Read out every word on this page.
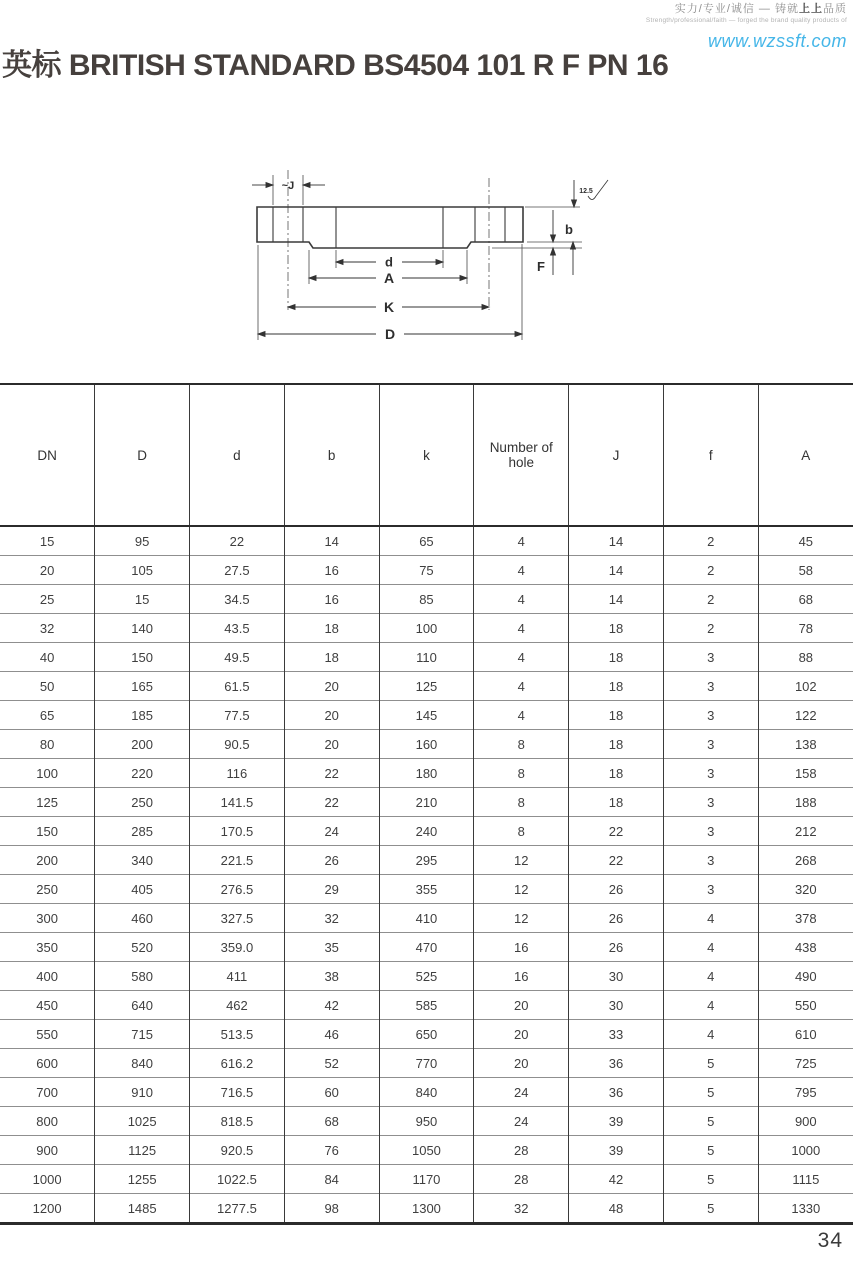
实力/专业/诚信 — 铸就上上品质
Strength/professional/faith — forged the brand quality products of
www.wzssft.com
英标 BRITISH STANDARD BS4504 101 R F PN 16
~J	12.5
b
F
d
A
K
D
DN	D	d	b	k	Number of hole	J	f	A
15	95	22	14	65	4	14	2	45
20	105	27.5	16	75	4	14	2	58
25	15	34.5	16	85	4	14	2	68
32	140	43.5	18	100	4	18	2	78
40	150	49.5	18	110	4	18	3	88
50	165	61.5	20	125	4	18	3	102
65	185	77.5	20	145	4	18	3	122
80	200	90.5	20	160	8	18	3	138
100	220	116	22	180	8	18	3	158
125	250	141.5	22	210	8	18	3	188
150	285	170.5	24	240	8	22	3	212
200	340	221.5	26	295	12	22	3	268
250	405	276.5	29	355	12	26	3	320
300	460	327.5	32	410	12	26	4	378
350	520	359.0	35	470	16	26	4	438
400	580	411	38	525	16	30	4	490
450	640	462	42	585	20	30	4	550
550	715	513.5	46	650	20	33	4	610
600	840	616.2	52	770	20	36	5	725
700	910	716.5	60	840	24	36	5	795
800	1025	818.5	68	950	24	39	5	900
900	1125	920.5	76	1050	28	39	5	1000
1000	1255	1022.5	84	1170	28	42	5	1115
1200	1485	1277.5	98	1300	32	48	5	1330
34
